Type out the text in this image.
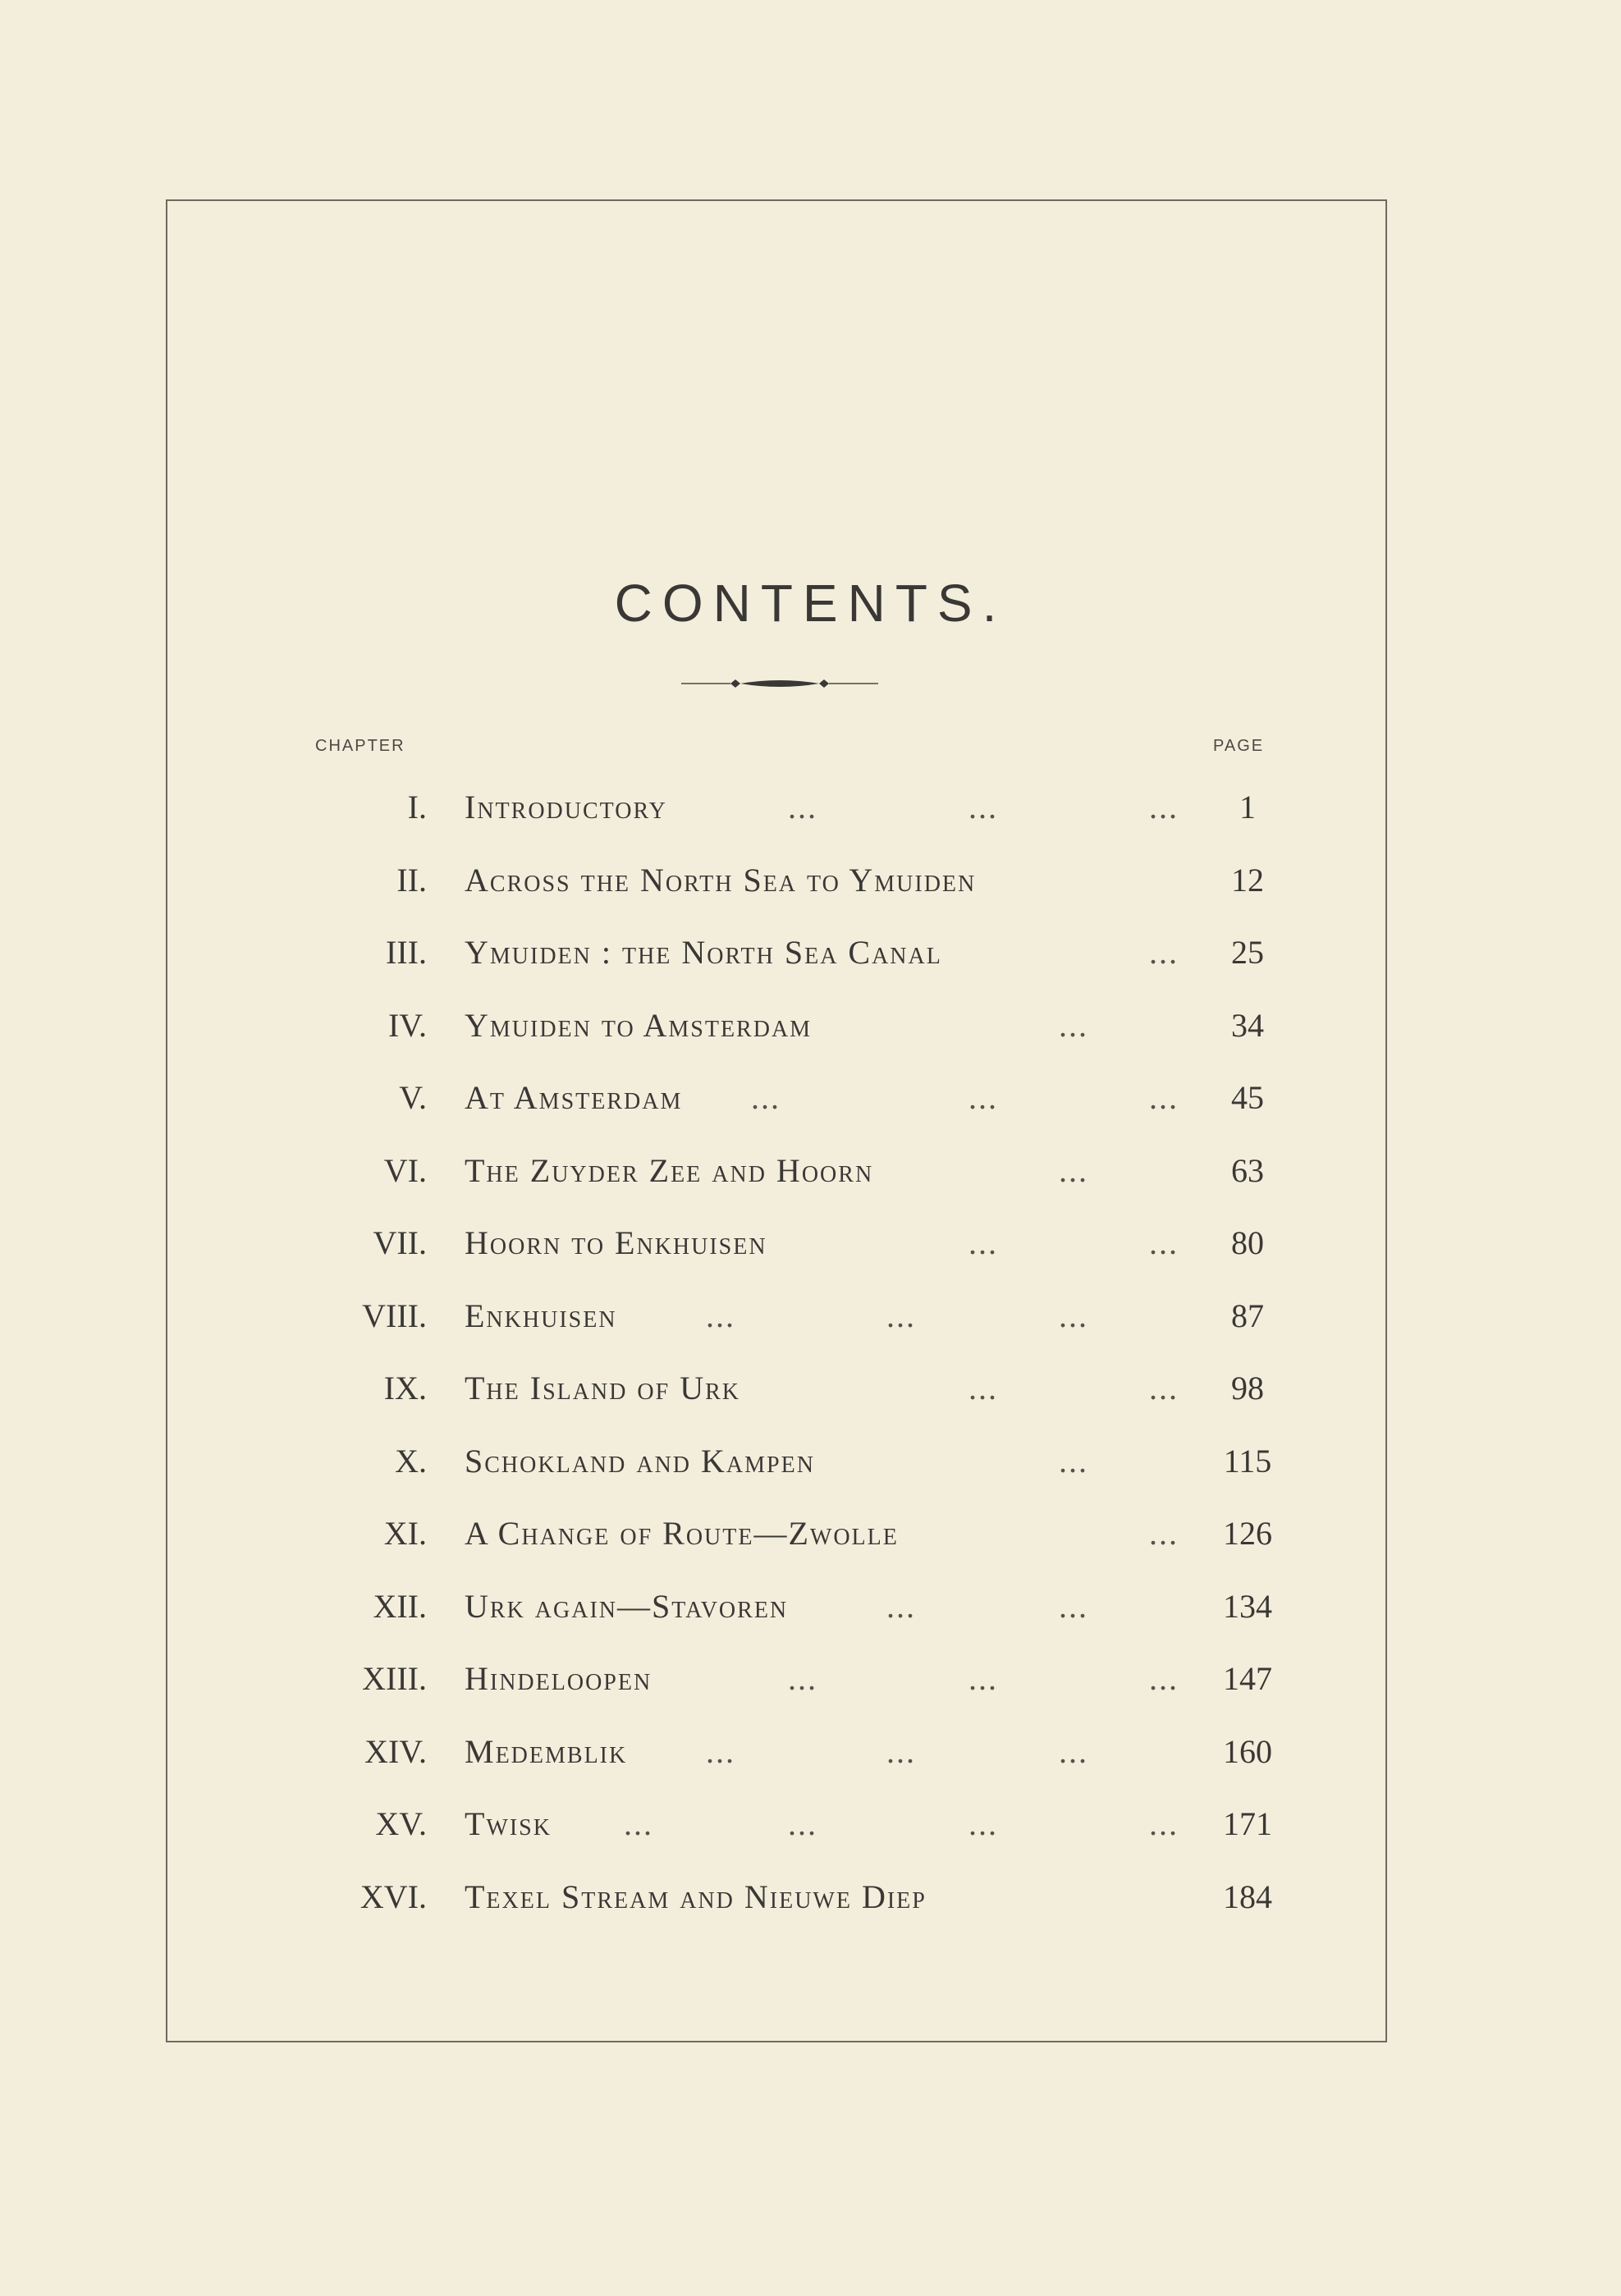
CONTENTS.
CHAPTER	PAGE
I. Introductory	...	...	...	1
II. Across the North Sea to Ymuiden	12
III. Ymuiden : the North Sea Canal	... 25
IV. Ymuiden to Amsterdam	...	34
V. At Amsterdam ...	...	... 45
VI. The Zuyder Zee and Hoorn	...	63
VII. Hoorn to Enkhuisen	...	... 80
VIII. Enkhuisen	...	...	...	87
IX. The Island of Urk	...	... 98
X. Schokland and Kampen	...	115
XI. A Change of Route—Zwolle	... 126
XII. Urk again—Stavoren	...	...	134
XIII. Hindeloopen	...	...	... 147
XIV. Medemblik ...	...	...	160
XV. Twisk ...	...	...	... 171
XVI. Texel Stream and Nieuwe Diep	184
